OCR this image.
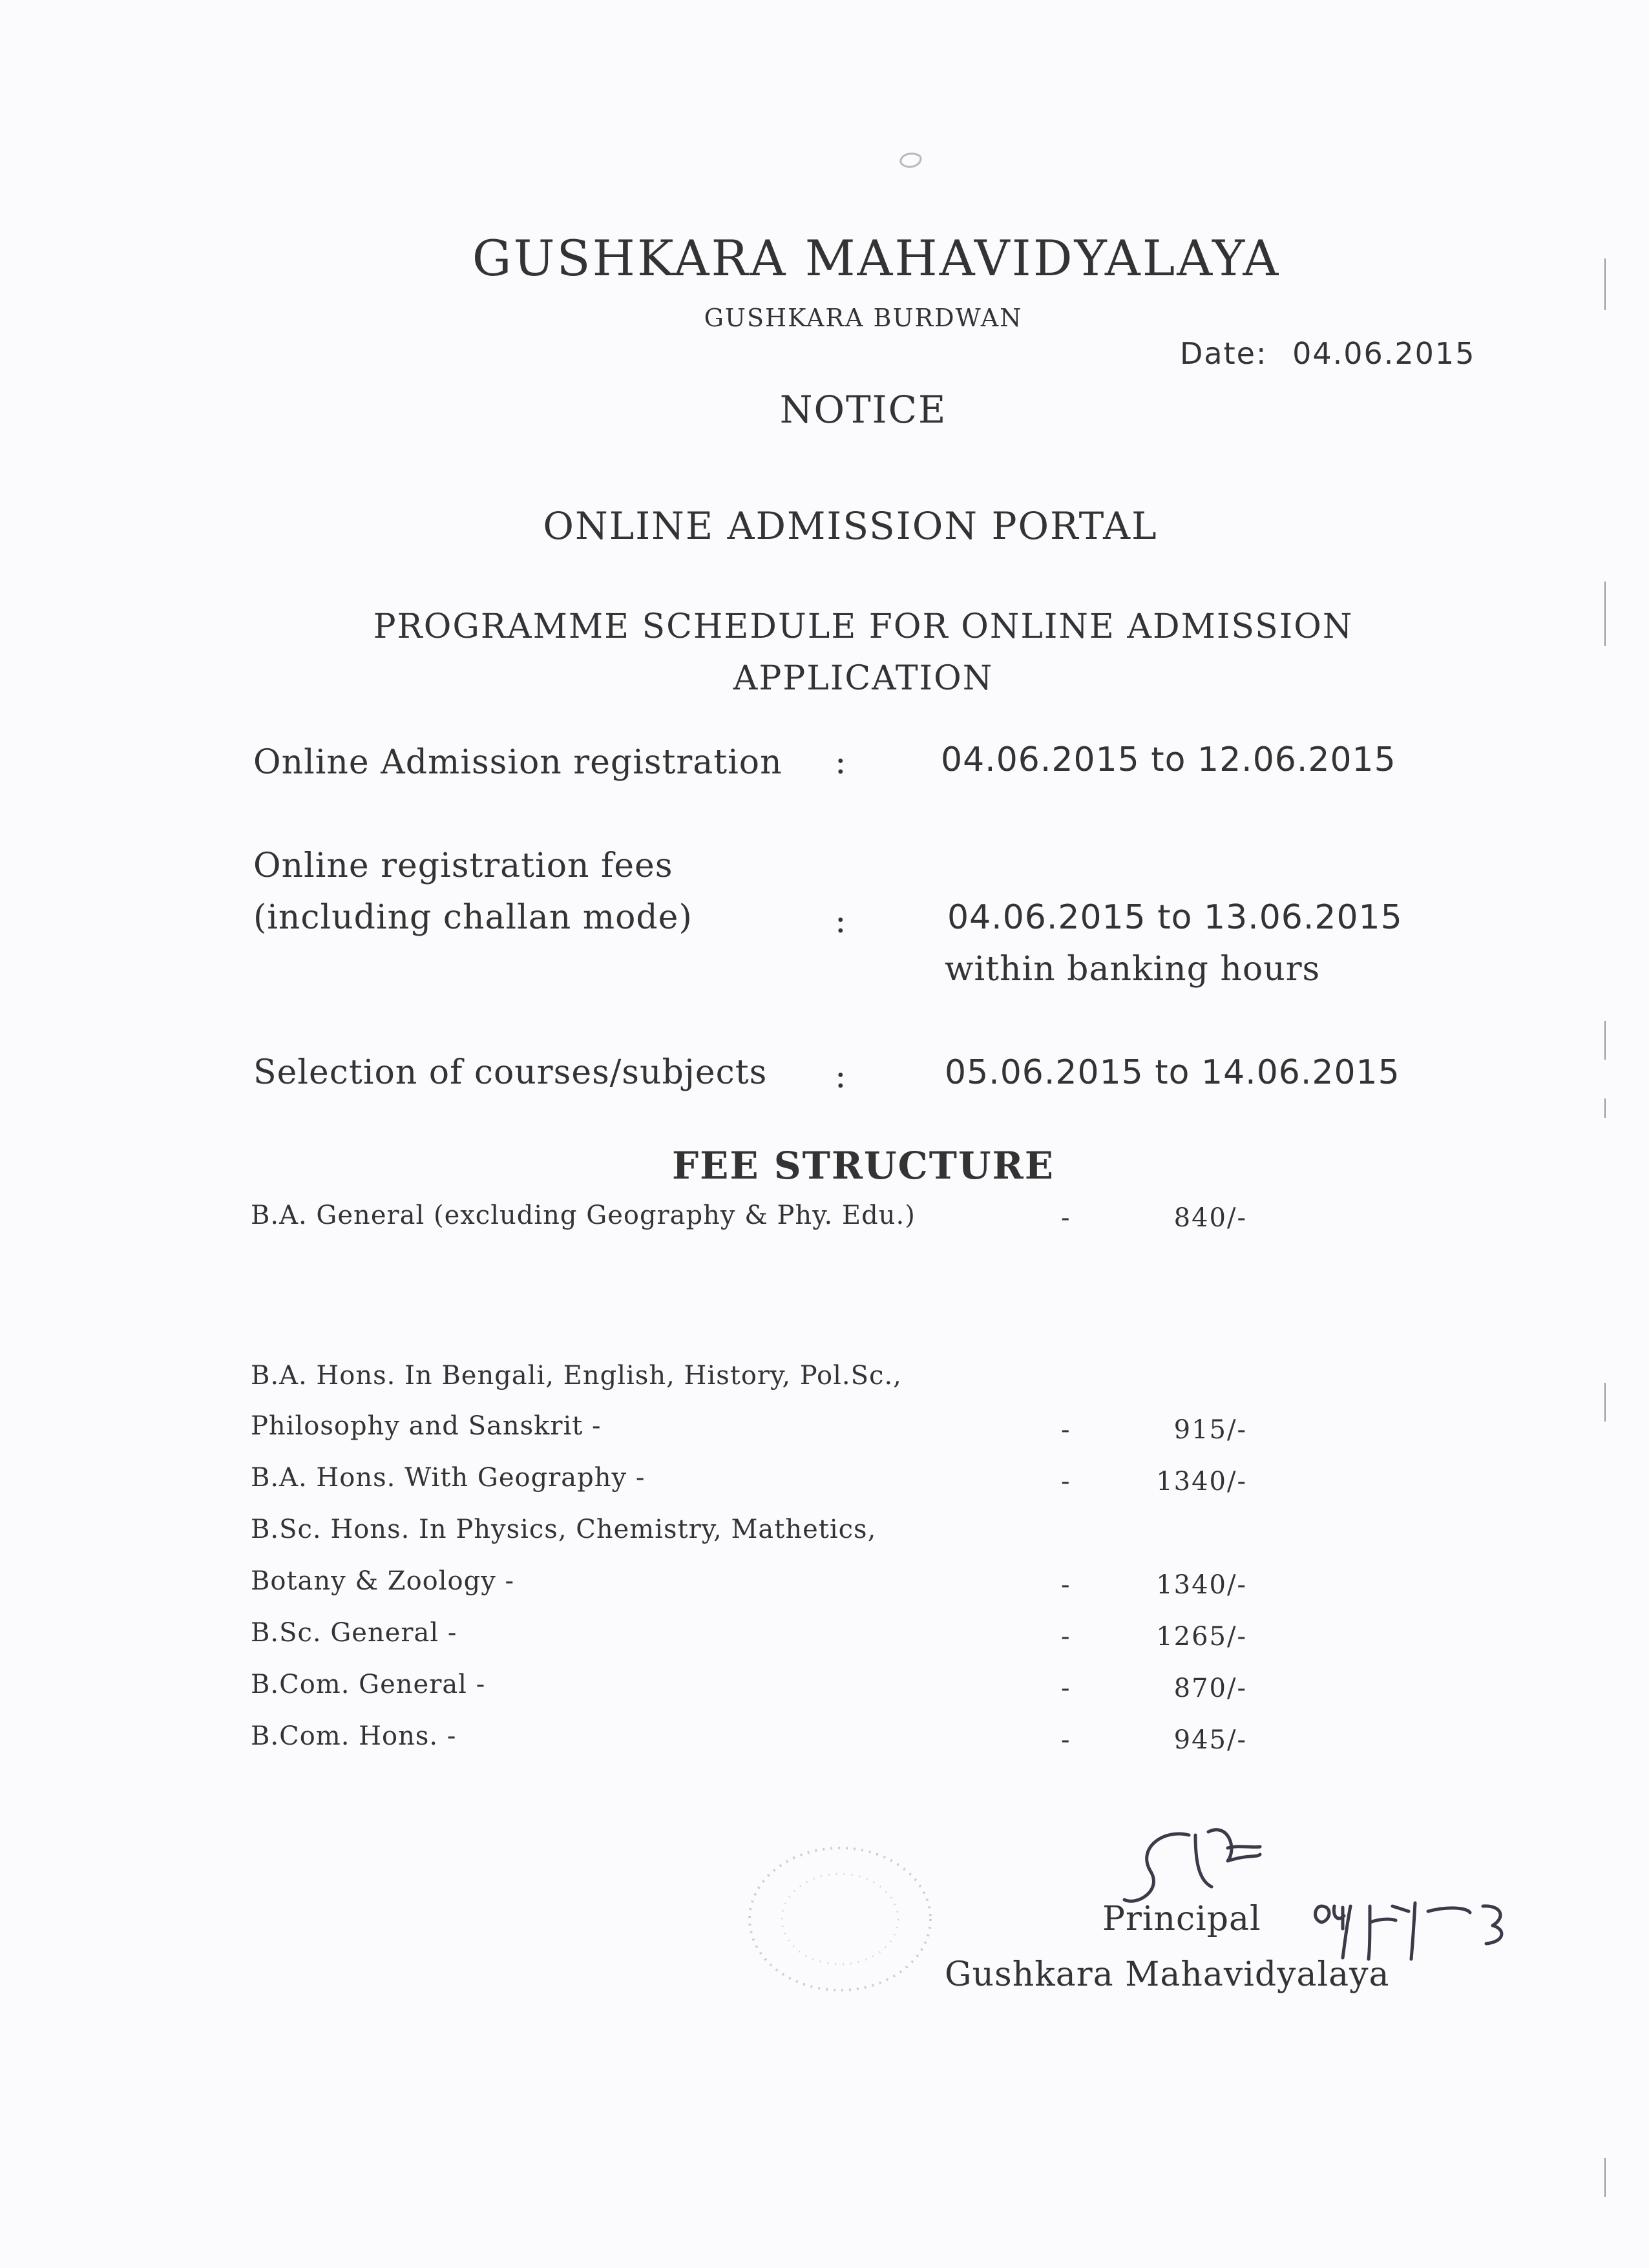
GUSHKARA MAHAVIDYALAYA
GUSHKARA BURDWAN
Date: 04.06.2015
NOTICE
ONLINE ADMISSION PORTAL
PROGRAMME SCHEDULE FOR ONLINE ADMISSION APPLICATION
Online Admission registration :	04.06.2015 to 12.06.2015
Online registration fees
(including challan mode)	:	04.06.2015 to 13.06.2015
within banking hours
Selection of courses/subjects :	05.06.2015 to 14.06.2015
FEE STRUCTURE
B.A. General (excluding Geography & Phy. Edu.)	-	840/-
B.A. Hons. In Bengali, English, History, Pol.Sc.,
Philosophy and Sanskrit -	-	915/-
B.A. Hons. With Geography -	-	1340/-
B.Sc. Hons. In Physics, Chemistry, Mathetics,
Botany & Zoology -	-	1340/-
B.Sc. General -	-	1265/-
B.Com. General -	-	870/-
B.Com. Hons. -	-	945/-
Principal
Gushkara Mahavidyalaya
